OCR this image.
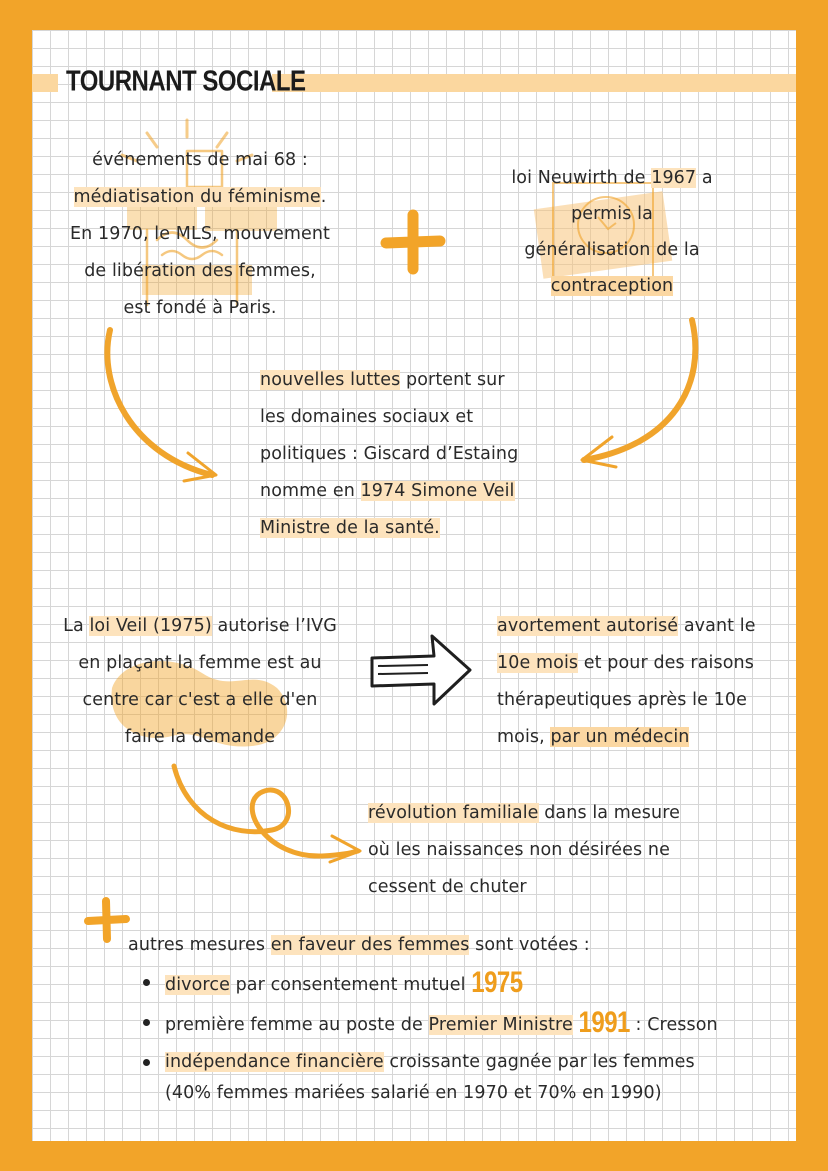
TOURNANT SOCIALE
événements de mai 68 :
médiatisation du féminisme.
En 1970, le MLS, mouvement
de libération des femmes,
est fondé à Paris.
loi Neuwirth de 1967 a
permis la
généralisation de la
contraception
nouvelles luttes portent sur
les domaines sociaux et
politiques : Giscard d’Estaing
nomme en 1974 Simone Veil
Ministre de la santé.
La loi Veil (1975) autorise l’IVG
en plaçant la femme est au
centre car c'est a elle d'en
faire la demande
avortement autorisé avant le
10e mois et pour des raisons
thérapeutiques après le 10e
mois, par un médecin
révolution familiale dans la mesure
où les naissances non désirées ne
cessent de chuter
autres mesures en faveur des femmes sont votées :
divorce par consentement mutuel 1975
première femme au poste de Premier Ministre 1991 : Cresson
indépendance financière croissante gagnée par les femmes
(40% femmes mariées salarié en 1970 et 70% en 1990)
